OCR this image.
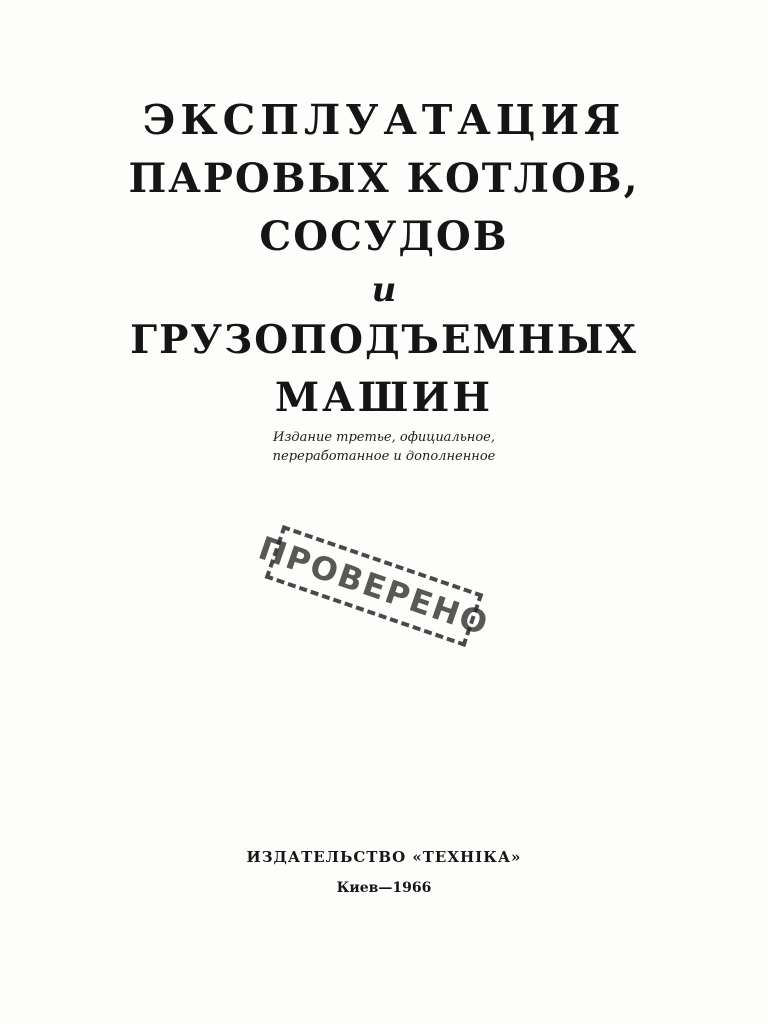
ЭКСПЛУАТАЦИЯ
ПАРОВЫХ КОТЛОВ,
СОСУДОВ
и
ГРУЗОПОДЪЕМНЫХ
МАШИН
Издание третье, официальное,
переработанное и дополненное
ПРОВЕРЕНО
ИЗДАТЕЛЬСТВО «ТЕХНІКА»
Киев—1966
